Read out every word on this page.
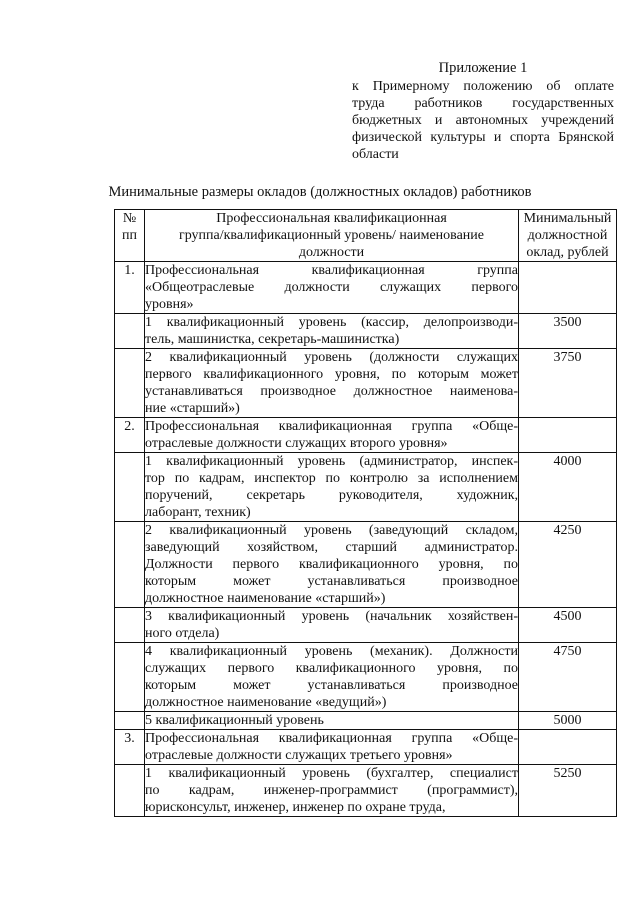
Приложение 1
к Примерному положению об оплате
труда работников государственных
бюджетных и автономных учреждений
физической культуры и спорта Брянской
области
Минимальные размеры окладов (должностных окладов) работников
№
пп	Профессиональная квалификационная
группа/квалификационный уровень/ наименование
должности	Минимальный
должностной
оклад, рублей

1.	Профессиональная квалификационная группа
«Общеотраслевые должности служащих первого
уровня»	

	1 квалификационный уровень (кассир, делопроизводи-
тель, машинистка, секретарь-машинистка)	3500

	2 квалификационный уровень (должности служащих
первого квалификационного уровня, по которым может
устанавливаться производное должностное наименова-
ние «старший»)	3750
2.	Профессиональная квалификационная группа «Обще-
отраслевые должности служащих второго уровня»	

	1 квалификационный уровень (администратор, инспек-
тор по кадрам, инспектор по контролю за исполнением
поручений, секретарь руководителя, художник,
лаборант, техник)	4000

	2 квалификационный уровень (заведующий складом,
заведующий хозяйством, старший администратор.
Должности первого квалификационного уровня, по
которым может устанавливаться производное
должностное наименование «старший»)	4250

	3 квалификационный уровень (начальник хозяйствен-
ного отдела)	4500

	4 квалификационный уровень (механик). Должности
служащих первого квалификационного уровня, по
которым может устанавливаться производное
должностное наименование «ведущий»)	4750

	5 квалификационный уровень	5000
3.	Профессиональная квалификационная группа «Обще-
отраслевые должности служащих третьего уровня»	

	1 квалификационный уровень (бухгалтер, специалист
по кадрам, инженер-программист (программист),
юрисконсульт, инженер, инженер по охране труда,	5250
